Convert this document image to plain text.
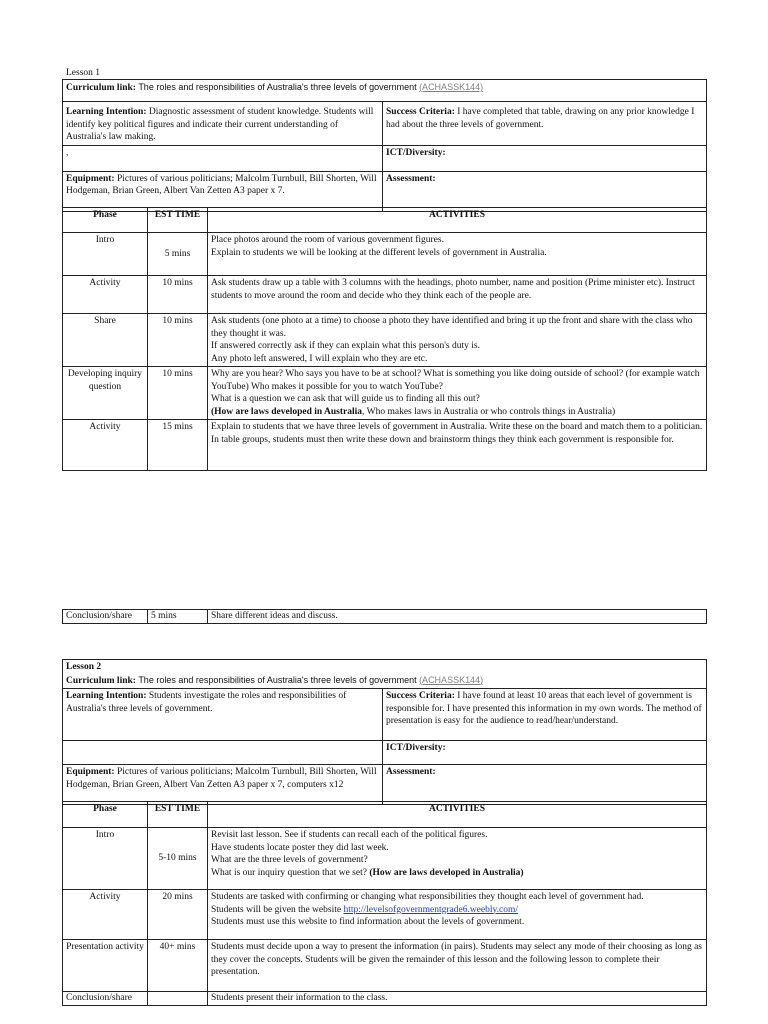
Lesson 1
Curriculum link: The roles and responsibilities of Australia's three levels of government (ACHASSK144)	
Learning Intention: Diagnostic assessment of student knowledge. Students will identify key political figures and indicate their current understanding of Australia's law making.	Success Criteria: I have completed that table, drawing on any prior knowledge I had about the three levels of government.
,	ICT/Diversity:
Equipment: Pictures of various politicians; Malcolm Turnbull, Bill Shorten, Will Hodgeman, Brian Green, Albert Van Zetten A3 paper x 7.	Assessment:
Phase	EST TIME	ACTIVITIES
Intro	5 mins	Place photos around the room of various government figures.
Explain to students we will be looking at the different levels of government in Australia.
Activity	10 mins	Ask students draw up a table with 3 columns with the headings, photo number, name and position (Prime minister etc). Instruct students to move around the room and decide who they think each of the people are.
Share	10 mins	Ask students (one photo at a time) to choose a photo they have identified and bring it up the front and share with the class who they thought it was.
If answered correctly ask if they can explain what this person's duty is.
Any photo left answered, I will explain who they are etc.
Developing inquiry question	10 mins	Why are you hear? Who says you have to be at school? What is something you like doing outside of school? (for example watch YouTube) Who makes it possible for you to watch YouTube?
What is a question we can ask that will guide us to finding all this out?
(How are laws developed in Australia, Who makes laws in Australia or who controls things in Australia)
Activity	15 mins	Explain to students that we have three levels of government in Australia. Write these on the board and match them to a politician.
In table groups, students must then write these down and brainstorm things they think each government is responsible for.
Conclusion/share	5 mins	Share different ideas and discuss.
Lesson 2
Curriculum link: The roles and responsibilities of Australia's three levels of government (ACHASSK144)	
Learning Intention: Students investigate the roles and responsibilities of Australia's three levels of government.	Success Criteria: I have found at least 10 areas that each level of government is responsible for. I have presented this information in my own words. The method of presentation is easy for the audience to read/hear/understand.
	ICT/Diversity:
Equipment: Pictures of various politicians; Malcolm Turnbull, Bill Shorten, Will Hodgeman, Brian Green, Albert Van Zetten A3 paper x 7, computers x12	Assessment:
Phase	EST TIME	ACTIVITIES
Intro	5-10 mins	Revisit last lesson. See if students can recall each of the political figures.
Have students locate poster they did last week.
What are the three levels of government?
What is our inquiry question that we set? (How are laws developed in Australia)
Activity	20 mins	Students are tasked with confirming or changing what responsibilities they thought each level of government had.
Students will be given the website http://levelsofgovernmentgrade6.weebly.com/
Students must use this website to find information about the levels of government.
Presentation activity	40+ mins	Students must decide upon a way to present the information (in pairs). Students may select any mode of their choosing as long as they cover the concepts. Students will be given the remainder of this lesson and the following lesson to complete their presentation.
Conclusion/share		Students present their information to the class.
